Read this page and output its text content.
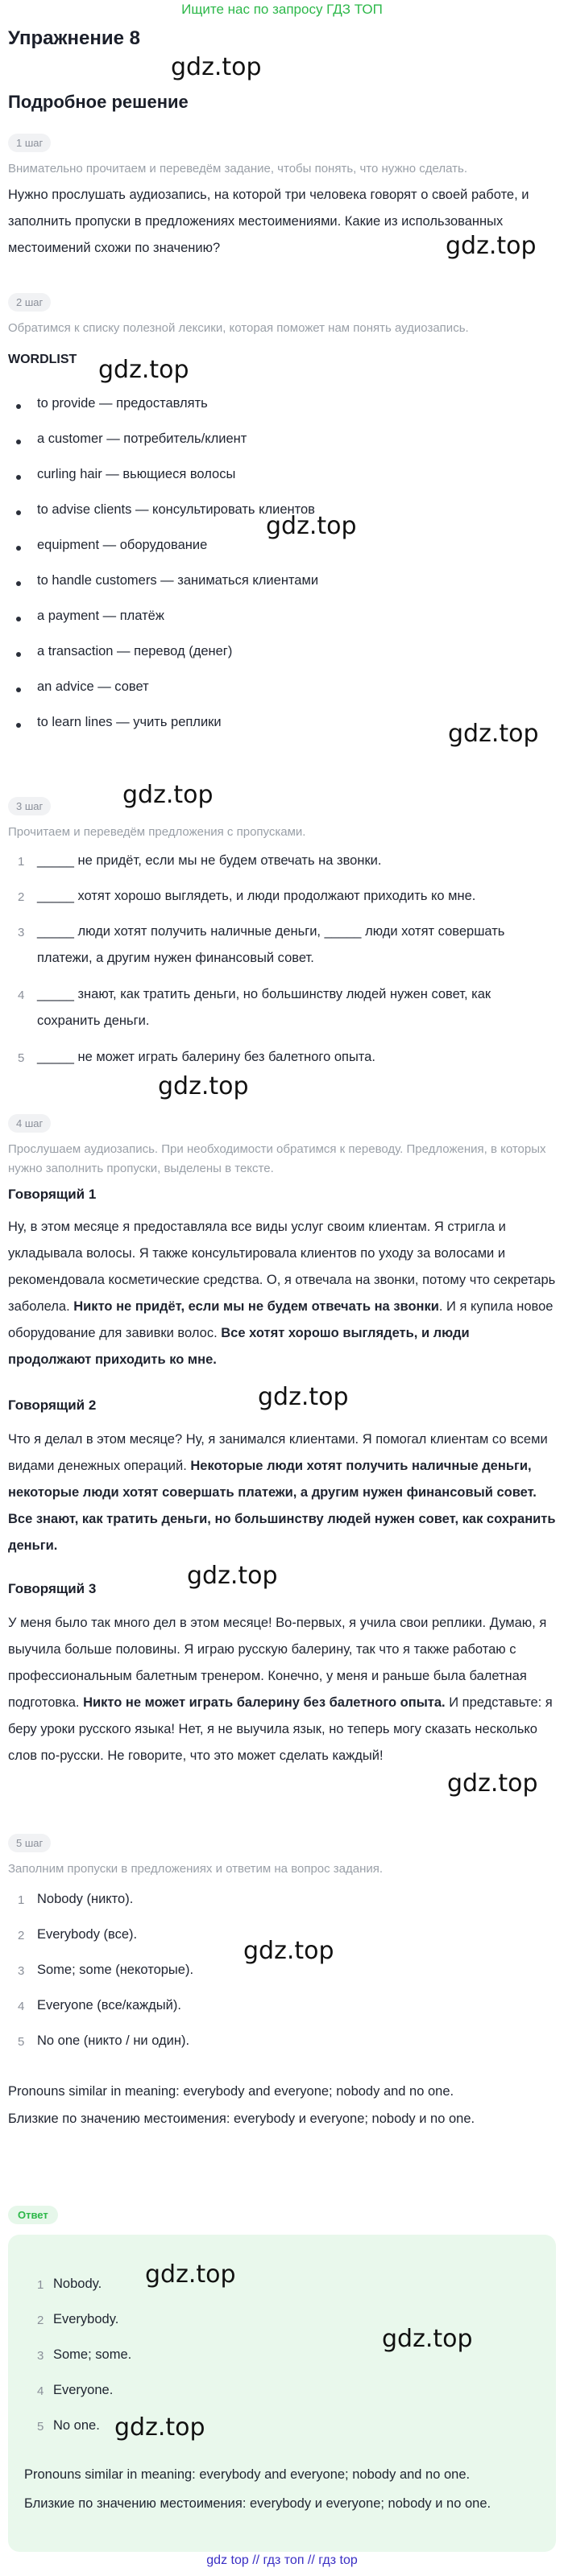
Ищите нас по запросу ГДЗ ТОП
Упражнение 8
gdz.top
Подробное решение
1 шаг
Внимательно прочитаем и переведём задание, чтобы понять, что нужно сделать.
Нужно прослушать аудиозапись, на которой три человека говорят о своей работе, и заполнить пропуски в предложениях местоимениями. Какие из использованных местоимений схожи по значению?	gdz.top
2 шаг
Обратимся к списку полезной лексики, которая поможет нам понять аудиозапись.
WORDLIST gdz.top
to provide — предоставлять
a customer — потребитель/клиент
curling hair — вьющиеся волосы
to advise clients — консультировать клиентов
gdz.top
equipment — оборудование
to handle customers — заниматься клиентами
a payment — платёж
a transaction — перевод (денег)
an advice — совет
to learn lines — учить реплики	gdz.top
3 шаг	gdz.top
Прочитаем и переведём предложения с пропусками.
1 _____ не придёт, если мы не будем отвечать на звонки.
2 _____ хотят хорошо выглядеть, и люди продолжают приходить ко мне.
3 _____ люди хотят получить наличные деньги, _____ люди хотят совершать платежи, а другим нужен финансовый совет.
4 _____ знают, как тратить деньги, но большинству людей нужен совет, как сохранить деньги.
5 _____ не может играть балерину без балетного опыта.
gdz.top
4 шаг
Прослушаем аудиозапись. При необходимости обратимся к переводу. Предложения, в которых нужно заполнить пропуски, выделены в тексте.
Говорящий 1
Ну, в этом месяце я предоставляла все виды услуг своим клиентам. Я стригла и укладывала волосы. Я также консультировала клиентов по уходу за волосами и рекомендовала косметические средства. О, я отвечала на звонки, потому что секретарь заболела. Никто не придёт, если мы не будем отвечать на звонки. И я купила новое оборудование для завивки волос. Все хотят хорошо выглядеть, и люди продолжают приходить ко мне.
gdz.top
Говорящий 2
Что я делал в этом месяце? Ну, я занимался клиентами. Я помогал клиентам со всеми видами денежных операций. Некоторые люди хотят получить наличные деньги, некоторые люди хотят совершать платежи, а другим нужен финансовый совет. Все знают, как тратить деньги, но большинству людей нужен совет, как сохранить деньги.
gdz.top
Говорящий 3
У меня было так много дел в этом месяце! Во-первых, я учила свои реплики. Думаю, я выучила больше половины. Я играю русскую балерину, так что я также работаю с профессиональным балетным тренером. Конечно, у меня и раньше была балетная подготовка. Никто не может играть балерину без балетного опыта. И представьте: я беру уроки русского языка! Нет, я не выучила язык, но теперь могу сказать несколько слов по-русски. Не говорите, что это может сделать каждый!
gdz.top
5 шаг
Заполним пропуски в предложениях и ответим на вопрос задания.
1 Nobody (никто).
2 Everybody (все).
gdz.top
3 Some; some (некоторые).
4 Everyone (все/каждый).
5 No one (никто / ни один).
Pronouns similar in meaning: everybody and everyone; nobody and no one.
Близкие по значению местоимения: everybody и everyone; nobody и no one.
Ответ
1 Nobody. gdz.top
2 Everybody.
gdz.top
3 Some; some.
4 Everyone.
5 No one. gdz.top
Pronouns similar in meaning: everybody and everyone; nobody and no one.
Близкие по значению местоимения: everybody и everyone; nobody и no one.
gdz top // гдз топ // гдз top
